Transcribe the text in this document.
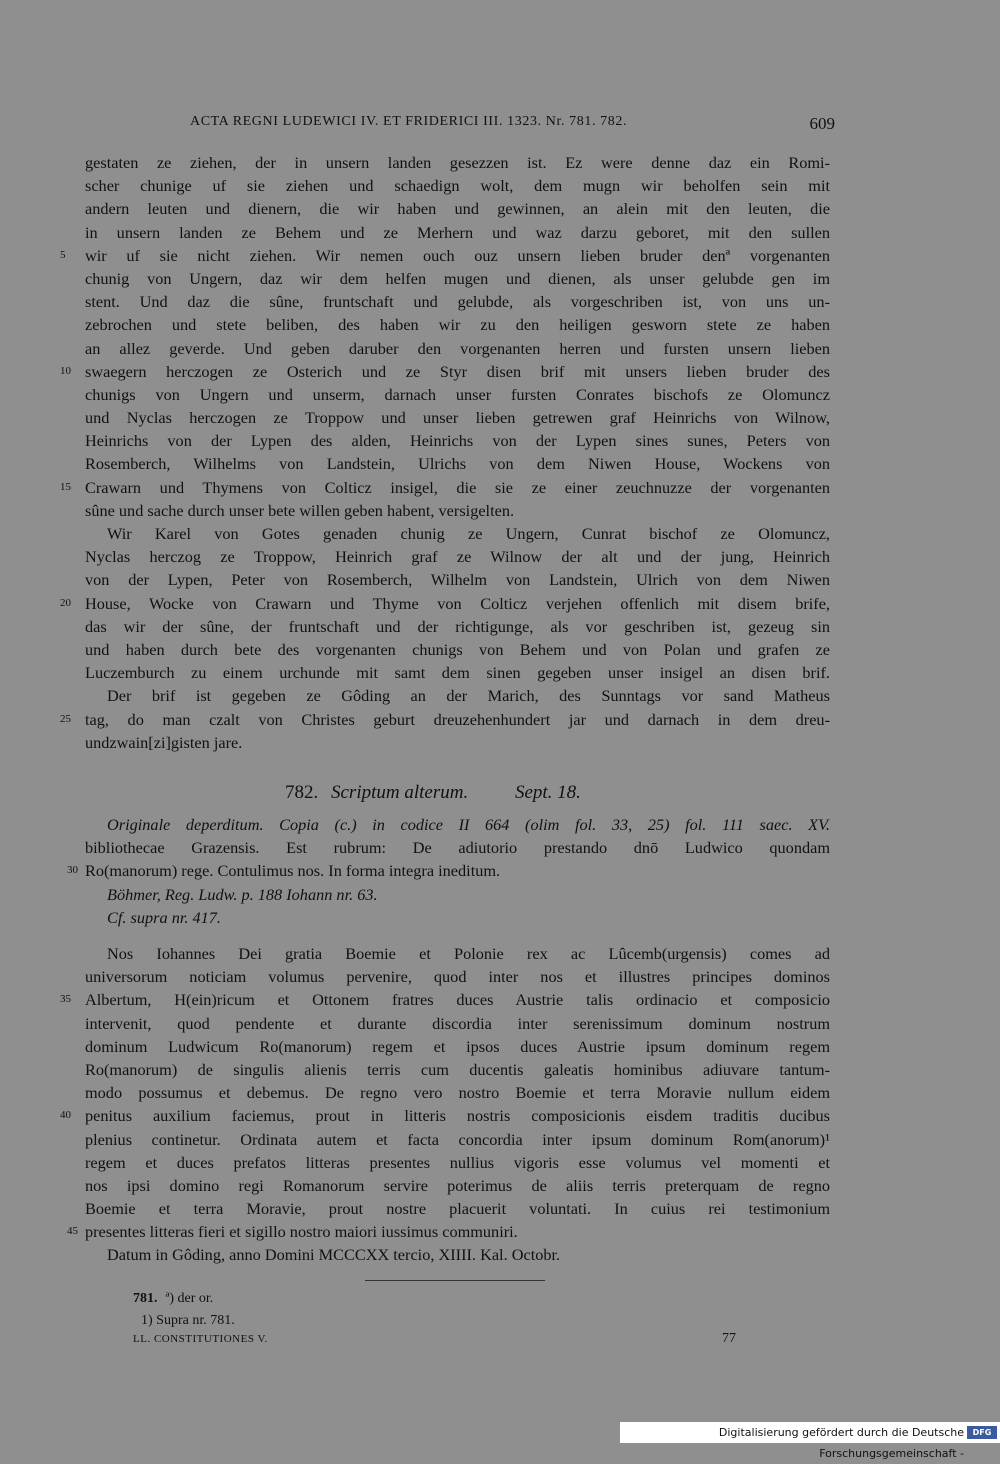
ACTA REGNI LUDEWICI IV. ET FRIDERICI III. 1323. Nr. 781. 782.	609
gestaten ze ziehen, der in unsern landen gesezzen ist. Ez were denne daz ein Romi-
scher chunige uf sie ziehen und schaedign wolt, dem mugn wir beholfen sein mit
andern leuten und dienern, die wir haben und gewinnen, an alein mit den leuten, die
in unsern landen ze Behem und ze Merhern und waz darzu geboret, mit den sullen
5	wir uf sie nicht ziehen. Wir nemen ouch ouz unsern lieben bruder denª vorgenanten
chunig von Ungern, daz wir dem helfen mugen und dienen, als unser gelubde gen im
stent. Und daz die sûne, fruntschaft und gelubde, als vorgeschriben ist, von uns un-
zebrochen und stete beliben, des haben wir zu den heiligen gesworn stete ze haben
an allez geverde. Und geben daruber den vorgenanten herren und fursten unsern lieben
10 swaegern herczogen ze Osterich und ze Styr disen brif mit unsers lieben bruder des
chunigs von Ungern und unserm, darnach unser fursten Conrates bischofs ze Olomuncz
und Nyclas herczogen ze Troppow und unser lieben getrewen graf Heinrichs von Wilnow,
Heinrichs von der Lypen des alden, Heinrichs von der Lypen sines sunes, Peters von
Rosemberch, Wilhelms von Landstein, Ulrichs von dem Niwen House, Wockens von
15 Crawarn und Thymens von Colticz insigel, die sie ze einer zeuchnuzze der vorgenanten
sûne und sache durch unser bete willen geben habent, versigelten.
Wir Karel von Gotes genaden chunig ze Ungern, Cunrat bischof ze Olomuncz,
Nyclas herczog ze Troppow, Heinrich graf ze Wilnow der alt und der jung, Heinrich
von der Lypen, Peter von Rosemberch, Wilhelm von Landstein, Ulrich von dem Niwen
20 House, Wocke von Crawarn und Thyme von Colticz verjehen offenlich mit disem brife,
das wir der sûne, der fruntschaft und der richtigunge, als vor geschriben ist, gezeug sin
und haben durch bete des vorgenanten chunigs von Behem und von Polan und grafen ze
Luczemburch zu einem urchunde mit samt dem sinen gegeben unser insigel an disen brif.
Der brif ist gegeben ze Gôding an der Marich, des Sunntags vor sand Matheus
25 tag, do man czalt von Christes geburt dreuzehenhundert jar und darnach in dem dreu-
undzwain[zi]gisten jare.
782. Scriptum alterum. Sept. 18.
Originale deperditum. Copia (c.) in codice II 664 (olim fol. 33, 25) fol. 111 saec. XV.
bibliothecae Grazensis. Est rubrum: De adiutorio prestando dnō Ludwico quondam
30 Ro(manorum) rege. Contulimus nos. In forma integra ineditum.
Böhmer, Reg. Ludw. p. 188 Iohann nr. 63.
Cf. supra nr. 417.
Nos Iohannes Dei gratia Boemie et Polonie rex ac Lûcemb(urgensis) comes ad
universorum noticiam volumus pervenire, quod inter nos et illustres principes dominos
35 Albertum, H(ein)ricum et Ottonem fratres duces Austrie talis ordinacio et composicio
intervenit, quod pendente et durante discordia inter serenissimum dominum nostrum
dominum Ludwicum Ro(manorum) regem et ipsos duces Austrie ipsum dominum regem
Ro(manorum) de singulis alienis terris cum ducentis galeatis hominibus adiuvare tantum-
modo possumus et debemus. De regno vero nostro Boemie et terra Moravie nullum eidem
40 penitus auxilium faciemus, prout in litteris nostris composicionis eisdem traditis ducibus
plenius continetur. Ordinata autem et facta concordia inter ipsum dominum Rom(anorum)¹
regem et duces prefatos litteras presentes nullius vigoris esse volumus vel momenti et
nos ipsi domino regi Romanorum servire poterimus de aliis terris preterquam de regno
Boemie et terra Moravie, prout nostre placuerit voluntati. In cuius rei testimonium
45 presentes litteras fieri et sigillo nostro maiori iussimus communiri.
Datum in Gôding, anno Domini MCCCXX tercio, XIIII. Kal. Octobr.
781. ª) der or.
1) Supra nr. 781.
LL. CONSTITUTIONES V.	77
Digitalisierung gefördert durch die Deutsche Forschungsgemeinschaft -
DFG
